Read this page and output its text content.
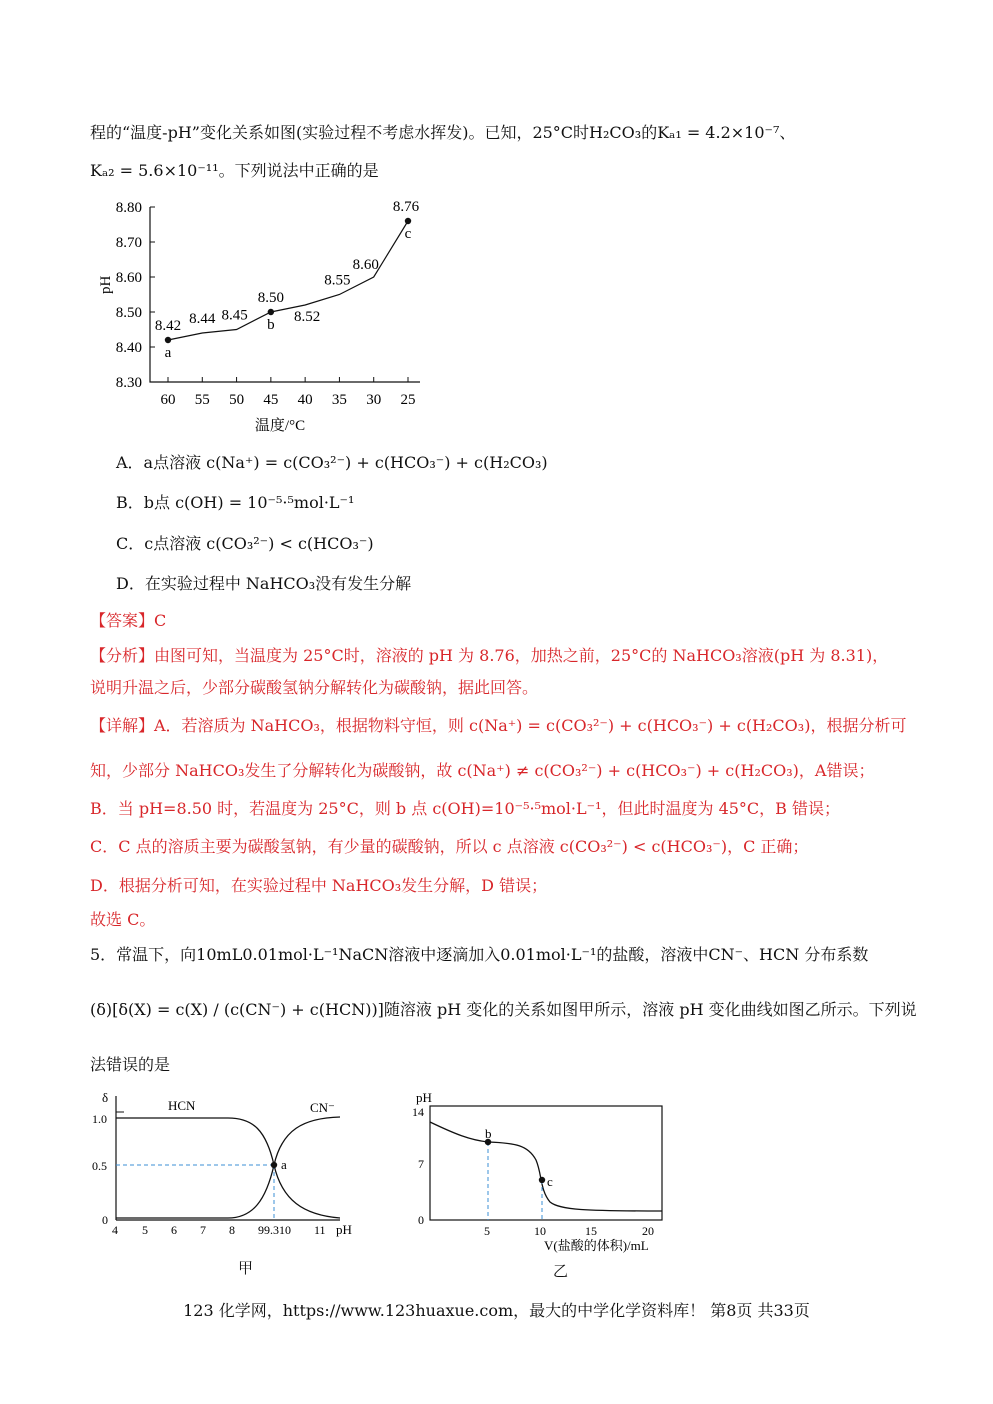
程的“温度-pH”变化关系如图(实验过程不考虑水挥发)。已知，25°C时H₂CO₃的Kₐ₁ = 4.2×10⁻⁷、
Kₐ₂ = 5.6×10⁻¹¹。下列说法中正确的是
8.30
8.40
8.50
8.60
8.70
8.80
60 55 50 45 40 35 30 25
8.42 8.44 8.45
8.50
8.52
8.55
8.60
8.76
a
b
c
pH
温度/°C
A．a点溶液 c(Na⁺) = c(CO₃²⁻) + c(HCO₃⁻) + c(H₂CO₃)
B．b点 c(OH) = 10⁻⁵·⁵mol·L⁻¹
C．c点溶液 c(CO₃²⁻) < c(HCO₃⁻)
D．在实验过程中 NaHCO₃没有发生分解
【答案】C
【分析】由图可知，当温度为 25°C时，溶液的 pH 为 8.76，加热之前，25°C的 NaHCO₃溶液(pH 为 8.31)，
说明升温之后，少部分碳酸氢钠分解转化为碳酸钠，据此回答。
【详解】A．若溶质为 NaHCO₃，根据物料守恒，则 c(Na⁺) = c(CO₃²⁻) + c(HCO₃⁻) + c(H₂CO₃)，根据分析可
知，少部分 NaHCO₃发生了分解转化为碳酸钠，故 c(Na⁺) ≠ c(CO₃²⁻) + c(HCO₃⁻) + c(H₂CO₃)，A错误；
B．当 pH=8.50 时，若温度为 25°C，则 b 点 c(OH)=10⁻⁵·⁵mol·L⁻¹，但此时温度为 45°C，B 错误；
C．C 点的溶质主要为碳酸氢钠，有少量的碳酸钠，所以 c 点溶液 c(CO₃²⁻) < c(HCO₃⁻)，C 正确；
D．根据分析可知，在实验过程中 NaHCO₃发生分解，D 错误；
故选 C。
5．常温下，向10mL0.01mol·L⁻¹NaCN溶液中逐滴加入0.01mol·L⁻¹的盐酸，溶液中CN⁻、HCN 分布系数
(δ)[δ(X) = c(X) / (c(CN⁻) + c(HCN))]随溶液 pH 变化的关系如图甲所示，溶液 pH 变化曲线如图乙所示。下列说
法错误的是
a
δ
HCN	CN⁻
1.0
0.5
0
4 5 6 7 8 99.310 11 pH
甲
b
c
pH
14
7
0
5	10	15	20
V(盐酸的体积)/mL
乙
123 化学网，https://www.123huaxue.com，最大的中学化学资料库！ 第8页 共33页
